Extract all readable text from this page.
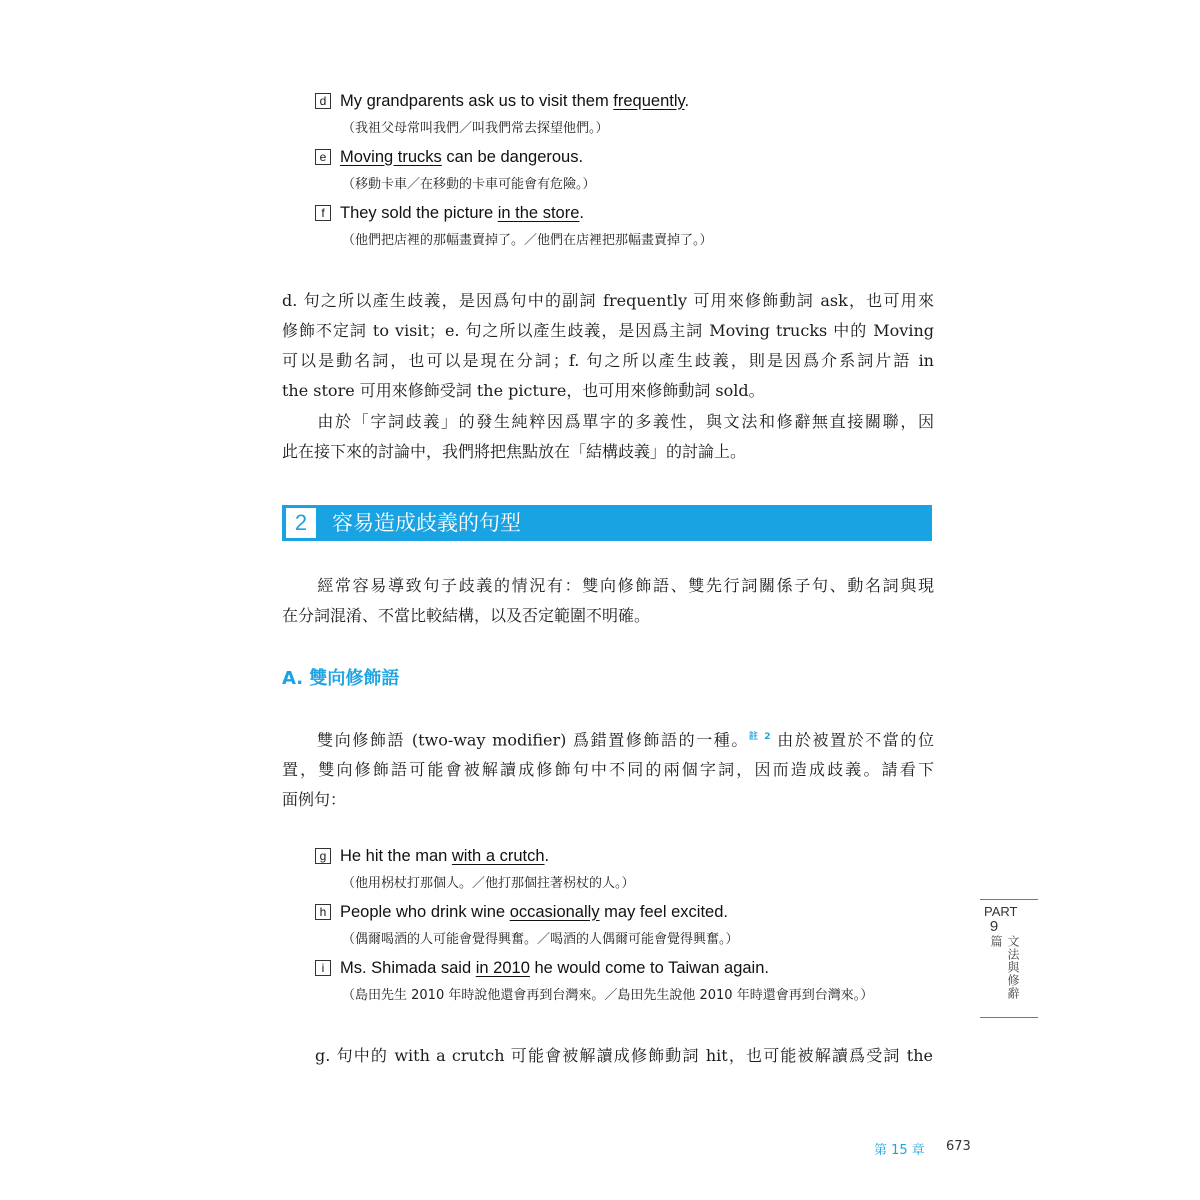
d My grandparents ask us to visit them frequently.
（我祖父母常叫我們／叫我們常去探望他們。）
e Moving trucks can be dangerous.
（移動卡車／在移動的卡車可能會有危險。）
f They sold the picture in the store.
（他們把店裡的那幅畫賣掉了。／他們在店裡把那幅畫賣掉了。）
d. 句之所以產生歧義，是因爲句中的副詞 frequently 可用來修飾動詞 ask，也可用來
修飾不定詞 to visit；e. 句之所以產生歧義，是因爲主詞 Moving trucks 中的 Moving
可以是動名詞，也可以是現在分詞；f. 句之所以產生歧義，則是因爲介系詞片語 in
the store 可用來修飾受詞 the picture，也可用來修飾動詞 sold。
　　由於「字詞歧義」的發生純粹因爲單字的多義性，與文法和修辭無直接關聯，因
此在接下來的討論中，我們將把焦點放在「結構歧義」的討論上。
2	容易造成歧義的句型
　　經常容易導致句子歧義的情況有：雙向修飾語、雙先行詞關係子句、動名詞與現
在分詞混淆、不當比較結構，以及否定範圍不明確。
A. 雙向修飾語
　　雙向修飾語 (two-way modifier) 爲錯置修飾語的一種。$^{註 2}$ 由於被置於不當的位
置，雙向修飾語可能會被解讀成修飾句中不同的兩個字詞，因而造成歧義。請看下
面例句：
g He hit the man with a crutch.
（他用柺杖打那個人。／他打那個拄著柺杖的人。）
h People who drink wine occasionally may feel excited.
（偶爾喝酒的人可能會覺得興奮。／喝酒的人偶爾可能會覺得興奮。）
i Ms. Shimada said in 2010 he would come to Taiwan again.
（島田先生 2010 年時說他還會再到台灣來。／島田先生說他 2010 年時還會再到台灣來。）
g. 句中的 with a crutch 可能會被解讀成修飾動詞 hit，也可能被解讀爲受詞 the
PART
9
文法與修辭篇
第 15 章 673
